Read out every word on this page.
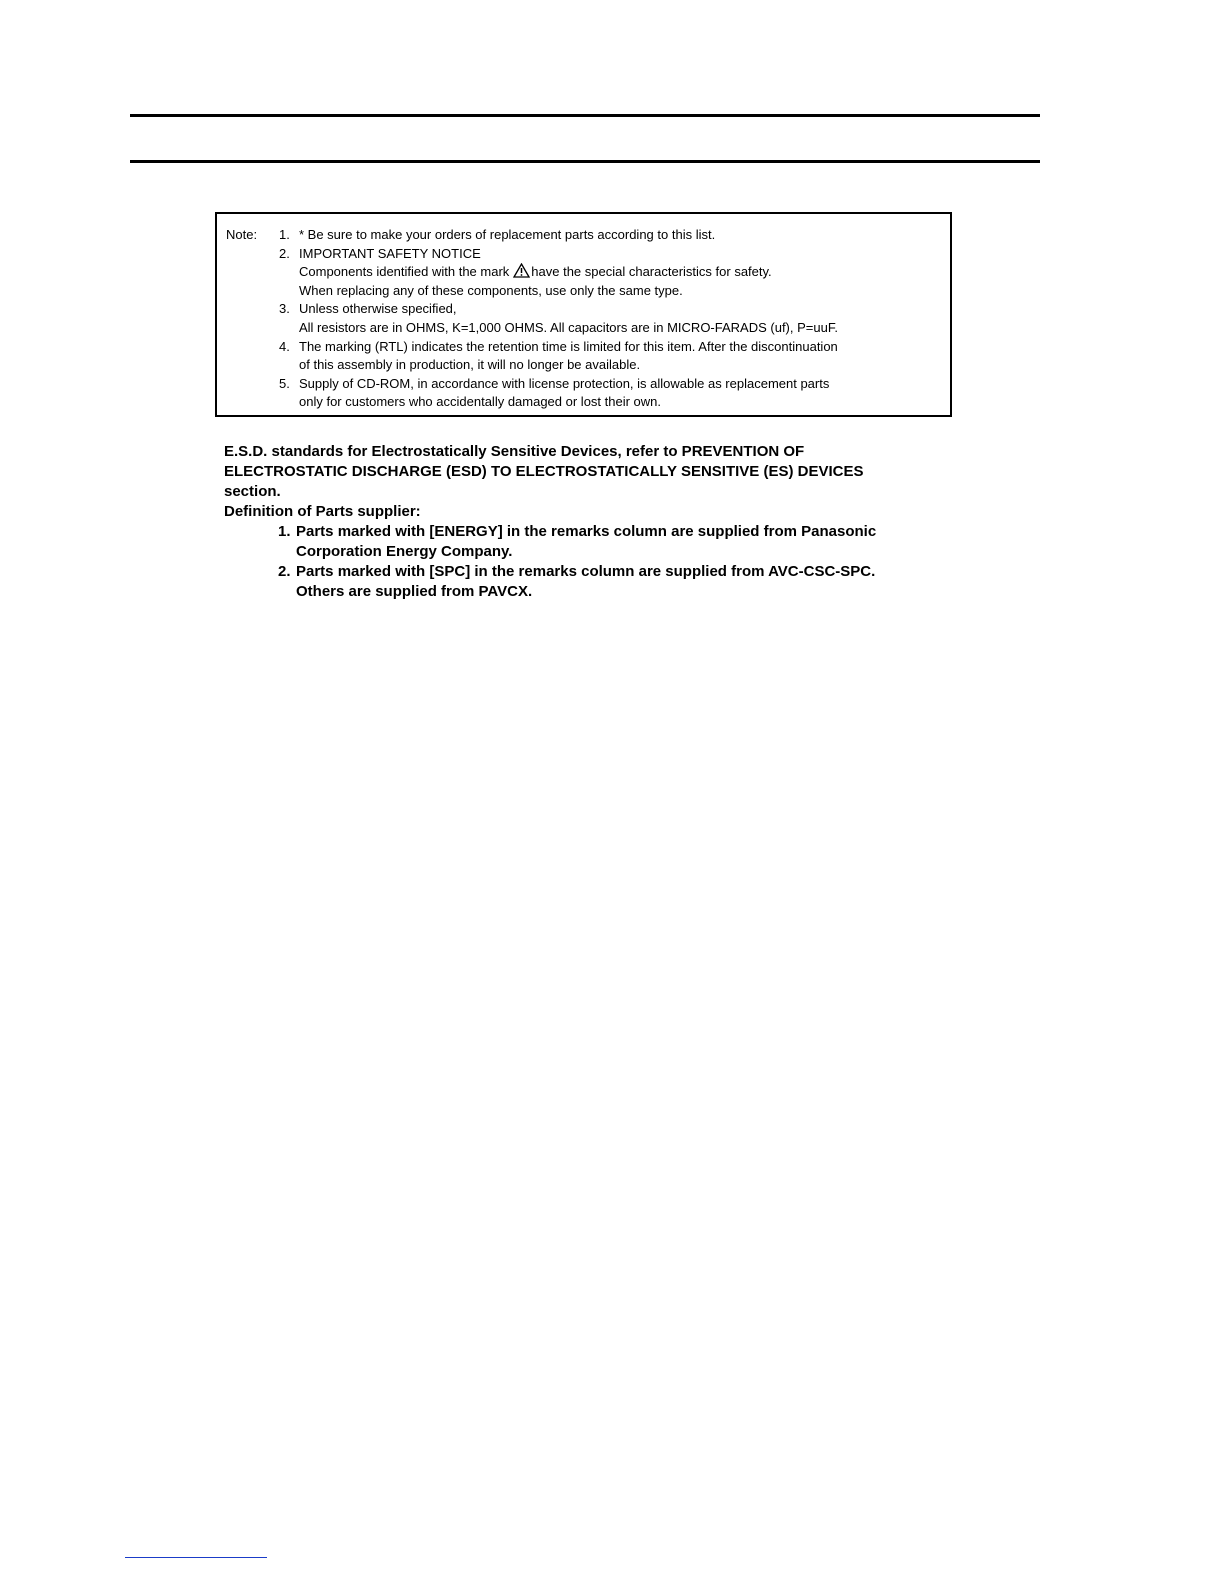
Note: 1. * Be sure to make your orders of replacement parts according to this list.
2. IMPORTANT SAFETY NOTICE
Components identified with the mark have the special characteristics for safety.
When replacing any of these components, use only the same type.
3. Unless otherwise specified,
All resistors are in OHMS, K=1,000 OHMS. All capacitors are in MICRO-FARADS (uf), P=uuF.
4. The marking (RTL) indicates the retention time is limited for this item. After the discontinuation
of this assembly in production, it will no longer be available.
5. Supply of CD-ROM, in accordance with license protection, is allowable as replacement parts
only for customers who accidentally damaged or lost their own.
E.S.D. standards for Electrostatically Sensitive Devices, refer to PREVENTION OF
ELECTROSTATIC DISCHARGE (ESD) TO ELECTROSTATICALLY SENSITIVE (ES) DEVICES
section.
Definition of Parts supplier:
1. Parts marked with [ENERGY] in the remarks column are supplied from Panasonic
Corporation Energy Company.
2. Parts marked with [SPC] in the remarks column are supplied from AVC-CSC-SPC.
Others are supplied from PAVCX.
